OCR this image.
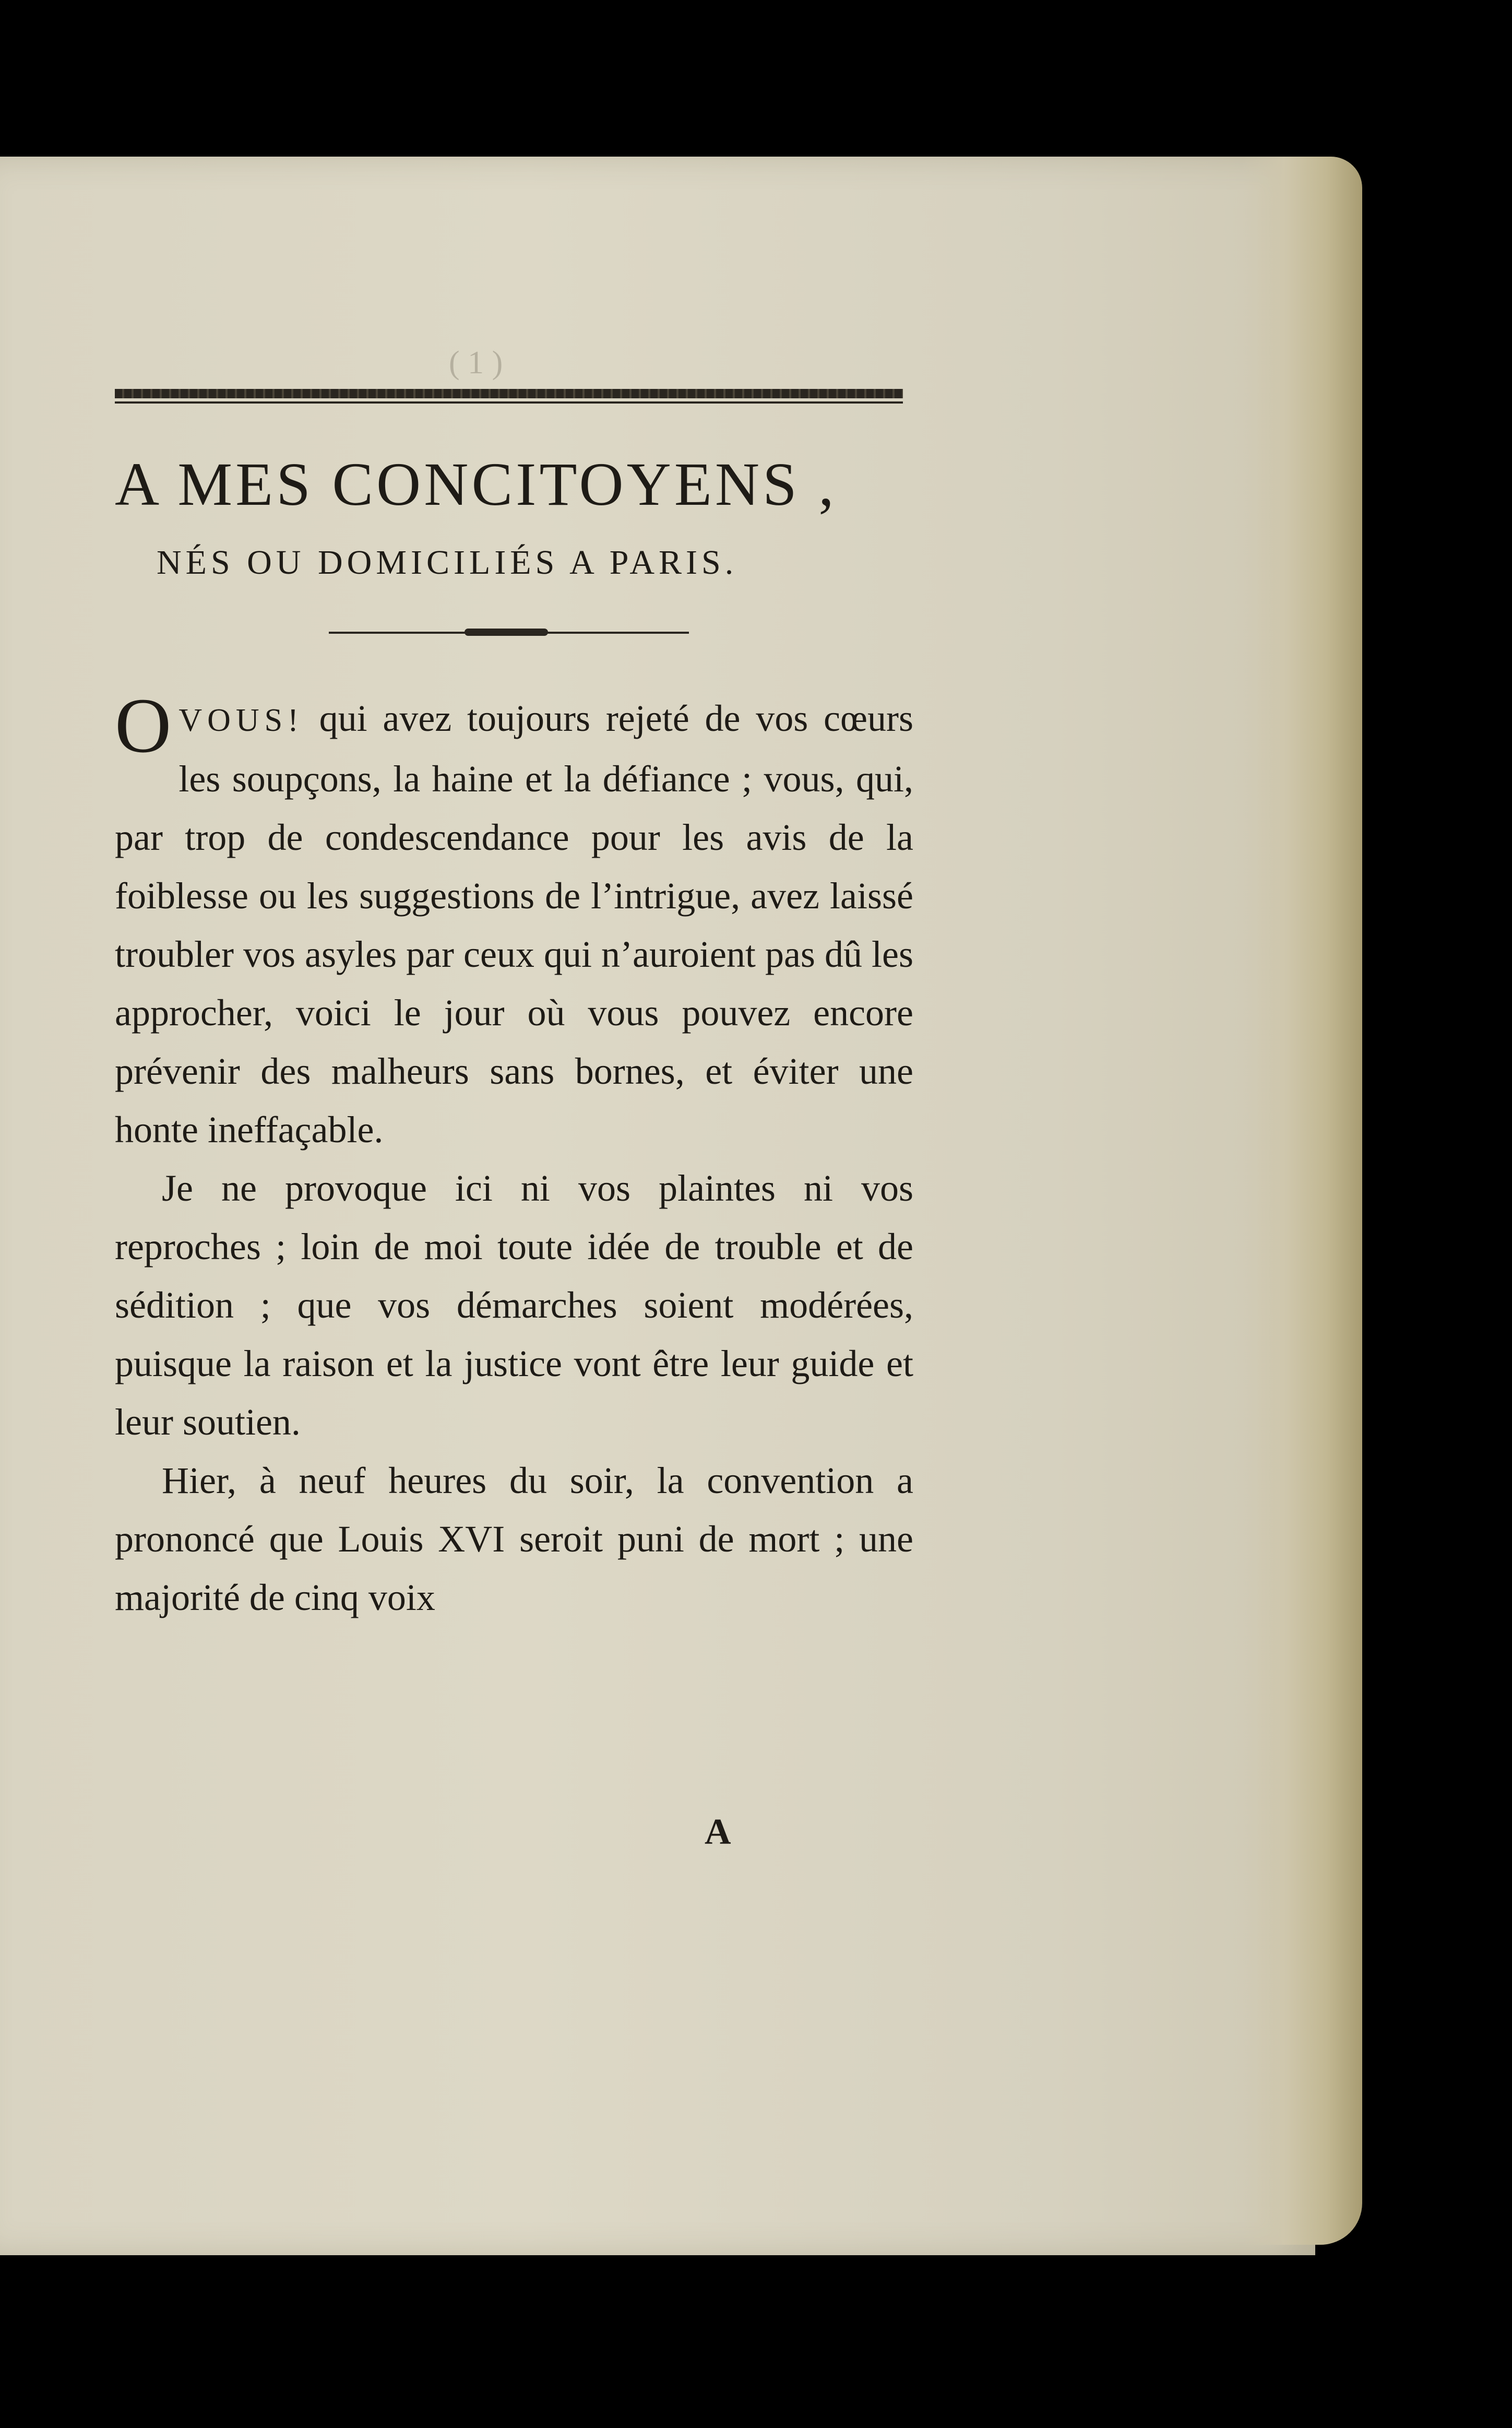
( 1 )
A MES CONCITOYENS ,
NÉS OU DOMICILIÉS A PARIS.

OVOUS! qui avez toujours rejeté de vos cœurs les soupçons, la haine et la défiance ; vous, qui, par trop de condescendance pour les avis de la foiblesse ou les suggestions de l’intrigue, avez laissé troubler vos asyles par ceux qui n’auroient pas dû les approcher, voici le jour où vous pouvez encore prévenir des malheurs sans bornes, et éviter une honte ineffaçable.

Je ne provoque ici ni vos plaintes ni vos reproches ; loin de moi toute idée de trouble et de sédition ; que vos démarches soient modérées, puisque la raison et la justice vont être leur guide et leur soutien.

Hier, à neuf heures du soir, la convention a prononcé que Louis XVI seroit puni de mort ; une majorité de cinq voix

A
